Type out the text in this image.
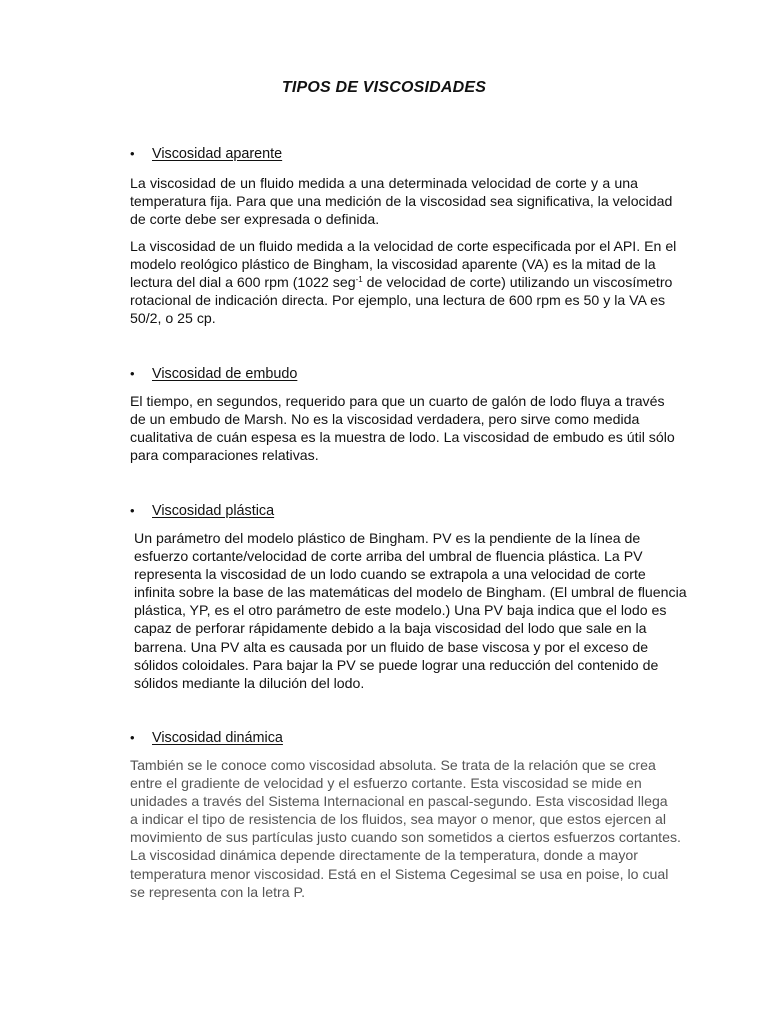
TIPOS DE VISCOSIDADES
• Viscosidad aparente
La viscosidad de un fluido medida a una determinada velocidad de corte y a una
temperatura fija. Para que una medición de la viscosidad sea significativa, la velocidad
de corte debe ser expresada o definida.
La viscosidad de un fluido medida a la velocidad de corte especificada por el API. En el
modelo reológico plástico de Bingham, la viscosidad aparente (VA) es la mitad de la
lectura del dial a 600 rpm (1022 seg$^{-1}$ de velocidad de corte) utilizando un viscosímetro
rotacional de indicación directa. Por ejemplo, una lectura de 600 rpm es 50 y la VA es
50/2, o 25 cp.
• Viscosidad de embudo
El tiempo, en segundos, requerido para que un cuarto de galón de lodo fluya a través
de un embudo de Marsh. No es la viscosidad verdadera, pero sirve como medida
cualitativa de cuán espesa es la muestra de lodo. La viscosidad de embudo es útil sólo
para comparaciones relativas.
• Viscosidad plástica
Un parámetro del modelo plástico de Bingham. PV es la pendiente de la línea de
esfuerzo cortante/velocidad de corte arriba del umbral de fluencia plástica. La PV
representa la viscosidad de un lodo cuando se extrapola a una velocidad de corte
infinita sobre la base de las matemáticas del modelo de Bingham. (El umbral de fluencia
plástica, YP, es el otro parámetro de este modelo.) Una PV baja indica que el lodo es
capaz de perforar rápidamente debido a la baja viscosidad del lodo que sale en la
barrena. Una PV alta es causada por un fluido de base viscosa y por el exceso de
sólidos coloidales. Para bajar la PV se puede lograr una reducción del contenido de
sólidos mediante la dilución del lodo.
• Viscosidad dinámica
También se le conoce como viscosidad absoluta. Se trata de la relación que se crea
entre el gradiente de velocidad y el esfuerzo cortante. Esta viscosidad se mide en
unidades a través del Sistema Internacional en pascal-segundo. Esta viscosidad llega
a indicar el tipo de resistencia de los fluidos, sea mayor o menor, que estos ejercen al
movimiento de sus partículas justo cuando son sometidos a ciertos esfuerzos cortantes.
La viscosidad dinámica depende directamente de la temperatura, donde a mayor
temperatura menor viscosidad. Está en el Sistema Cegesimal se usa en poise, lo cual
se representa con la letra P.
